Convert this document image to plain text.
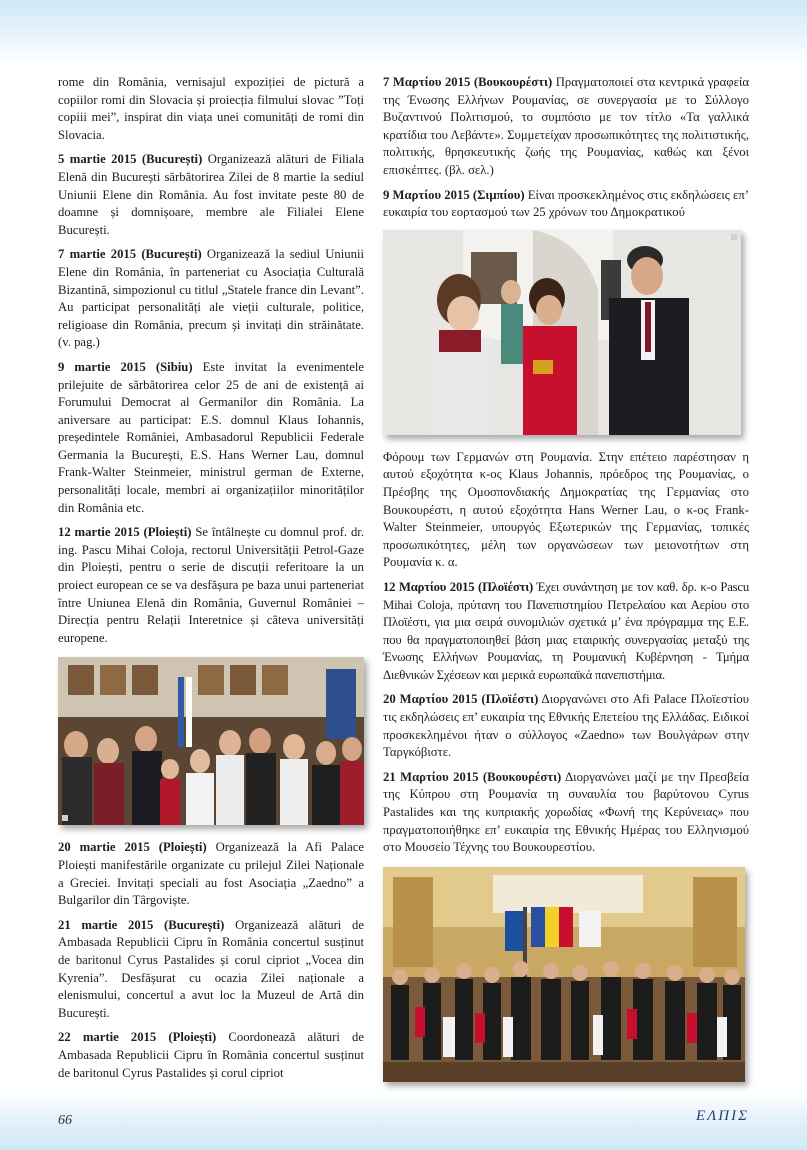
rome din România, vernisajul expoziției de pictură a copiilor romi din Slovacia și proiecția filmului slovac ”Toți copiii mei”, inspirat din viața unei comunități de romi din Slovacia.

5 martie 2015 (București) Organizează alături de Filiala Elenă din București sărbătorirea Zilei de 8 martie la sediul Uniunii Elene din România. Au fost invitate peste 80 de doamne și domnișoare, membre ale Filialei Elene București.

7 martie 2015 (București) Organizează la sediul Uniunii Elene din România, în parteneriat cu Asociația Culturală Bizantină, simpozionul cu titlul „Statele france din Levant”. Au participat personalități ale vieții culturale, politice, religioase din România, precum și invitați din străinătate. (v. pag.)

9 martie 2015 (Sibiu) Este invitat la evenimentele prilejuite de sărbătorirea celor 25 de ani de existență ai Forumului Democrat al Germanilor din România. La aniversare au participat: E.S. domnul Klaus Iohannis, președintele României, Ambasadorul Republicii Federale Germania la București, E.S. Hans Werner Lau, domnul Frank-Walter Steinmeier, ministrul german de Externe, personalități locale, membri ai organizațiilor minorităților din România etc.

12 martie 2015 (Ploiești) Se întâlnește cu domnul prof. dr. ing. Pascu Mihai Coloja, rectorul Universității Petrol-Gaze din Ploiești, pentru o serie de discuții referitoare la un proiect european ce se va desfășura pe baza unui parteneriat între Uniunea Elenă din România, Guvernul României – Direcția pentru Relații Interetnice și câteva universități europene.

20 martie 2015 (Ploiești) Organizează la Afi Palace Ploiești manifestările organizate cu prilejul Zilei Naționale a Greciei. Invitați speciali au fost Asociația „Zaedno” a Bulgarilor din Târgoviște.

21 martie 2015 (București) Organizează alături de Ambasada Republicii Cipru în România concertul susținut de baritonul Cyrus Pastalides și corul cipriot „Vocea din Kyrenia”. Desfășurat cu ocazia Zilei naționale a elenismului, concertul a avut loc la Muzeul de Artă din București.

22 martie 2015 (Ploiești) Coordonează alături de Ambasada Republicii Cipru în România concertul susținut de baritonul Cyrus Pastalides și corul cipriot

7 Μαρτίου 2015 (Βουκουρέστι) Πραγματοποιεί στα κεντρικά γραφεία της Ένωσης Ελλήνων Ρουμανίας, σε συνεργασία με το Σύλλογο Βυζαντινού Πολιτισμού, το συμπόσιο με τον τίτλο «Τα γαλλικά κρατίδια του Λεβάντε». Συμμετείχαν προσωπικότητες της πολιτιστικής, πολιτικής, θρησκευτικής ζωής της Ρουμανίας, καθώς και ξένοι επισκέπτες. (βλ. σελ.)

9 Μαρτίου 2015 (Σιμπίου) Είναι προσκεκλημένος στις εκδηλώσεις επ’ ευκαιρία του εορτασμού των 25 χρόνων του Δημοκρατικού

Φόρουμ των Γερμανών στη Ρουμανία. Στην επέτειο παρέστησαν η αυτού εξοχότητα κ-ος Klaus Johannis, πρόεδρος της Ρουμανίας, ο Πρέσβης της Ομοσπονδιακής Δημοκρατίας της Γερμανίας στο Βουκουρέστι, η αυτού εξοχότητα Hans Werner Lau, ο κ-ος Frank-Walter Steinmeier, υπουργός Εξωτερικών της Γερμανίας, τοπικές προσωπικότητες, μέλη των οργανώσεων των μειονοτήτων στη Ρουμανία κ. α.

12 Μαρτίου 2015 (Πλοϊέστι) Έχει συνάντηση με τον καθ. δρ. κ-ο Pascu Mihai Coloja, πρύτανη του Πανεπιστημίου Πετρελαίου και Αερίου στο Πλοϊέστι, για μια σειρά συνομιλιών σχετικά μ’ ένα πρόγραμμα της Ε.Ε. που θα πραγματοποιηθεί βάση μιας εταιρικής συνεργασίας μεταξύ της Ένωσης Ελλήνων Ρουμανίας, τη Ρουμανική Κυβέρνηση - Τμήμα Διεθνικών Σχέσεων και μερικά ευρωπαϊκά πανεπιστήμια.

20 Μαρτίου 2015 (Πλοϊέστι) Διοργανώνει στο Afi Palace Πλοϊεστίου τις εκδηλώσεις επ’ ευκαιρία της Εθνικής Επετείου της Ελλάδας. Ειδικοί προσκεκλημένοι ήταν ο σύλλογος «Zaedno» των Βουλγάρων στην Ταργκόβιστε.

21 Μαρτίου 2015 (Βουκουρέστι) Διοργανώνει μαζί με την Πρεσβεία της Κύπρου στη Ρουμανία τη συναυλία του βαρύτονου Cyrus Pastalides και της κυπριακής χορωδίας «Φωνή της Κερύνειας» που πραγματοποιήθηκε επ’ ευκαιρία της Εθνικής Ημέρας του Ελληνισμού στο Μουσείο Τέχνης του Βουκουρεστίου.

66	ΕΛΠΙΣ
